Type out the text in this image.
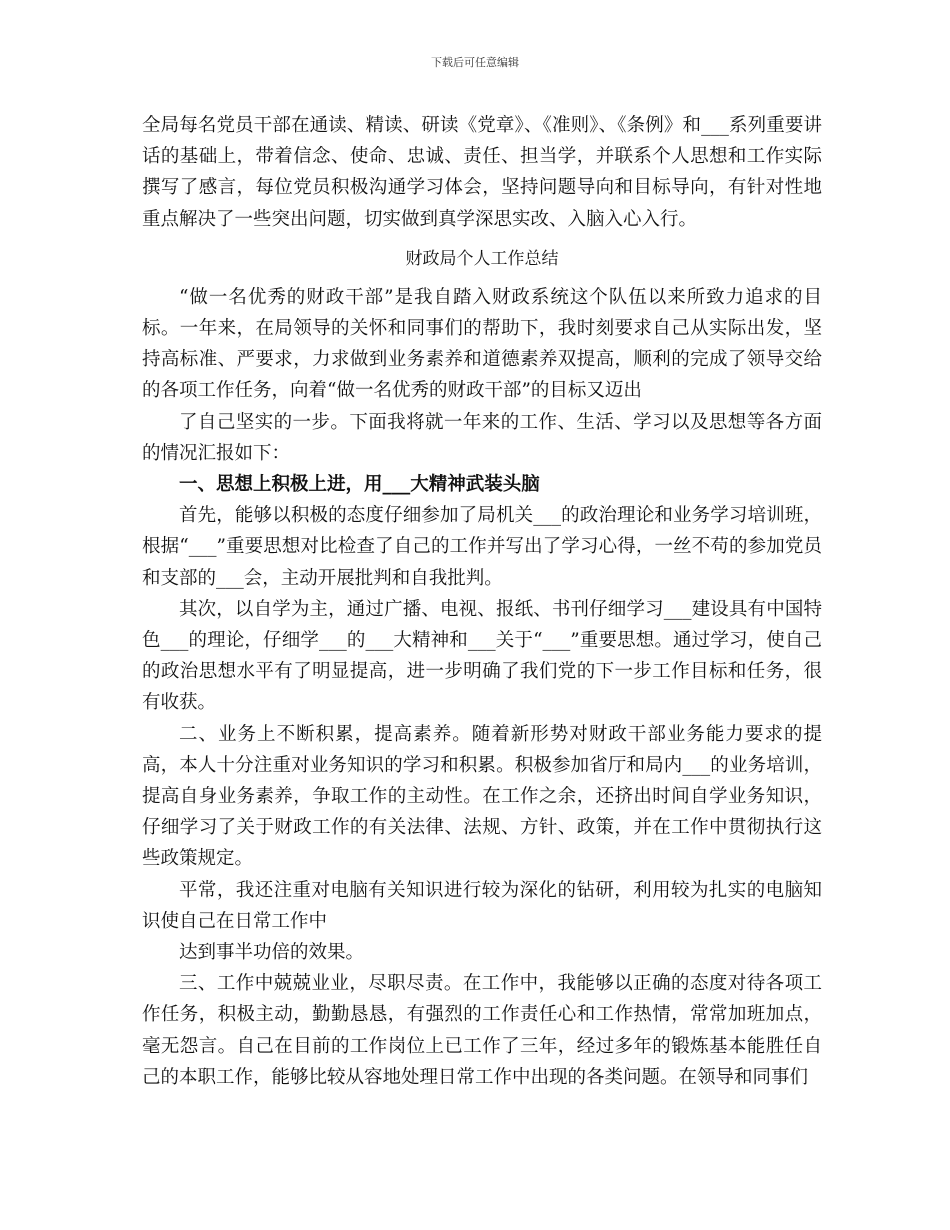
下载后可任意编辑

全局每名党员干部在通读、精读、研读《党章》、《准则》、《条例》和___系列重要讲话的基础上，带着信念、使命、忠诚、责任、担当学，并联系个人思想和工作实际撰写了感言，每位党员积极沟通学习体会，坚持问题导向和目标导向，有针对性地重点解决了一些突出问题，切实做到真学深思实改、入脑入心入行。

财政局个人工作总结

“做一名优秀的财政干部”是我自踏入财政系统这个队伍以来所致力追求的目标。一年来，在局领导的关怀和同事们的帮助下，我时刻要求自己从实际出发，坚持高标准、严要求，力求做到业务素养和道德素养双提高，顺利的完成了领导交给的各项工作任务，向着“做一名优秀的财政干部”的目标又迈出

了自己坚实的一步。下面我将就一年来的工作、生活、学习以及思想等各方面的情况汇报如下：

一、思想上积极上进，用___大精神武装头脑

首先，能够以积极的态度仔细参加了局机关___的政治理论和业务学习培训班，根据“___”重要思想对比检查了自己的工作并写出了学习心得，一丝不苟的参加党员和支部的___会，主动开展批判和自我批判。

其次，以自学为主，通过广播、电视、报纸、书刊仔细学习___建设具有中国特色___的理论，仔细学___的___大精神和___关于“___”重要思想。通过学习，使自己的政治思想水平有了明显提高，进一步明确了我们党的下一步工作目标和任务，很有收获。

二、业务上不断积累，提高素养。随着新形势对财政干部业务能力要求的提高，本人十分注重对业务知识的学习和积累。积极参加省厅和局内___的业务培训，提高自身业务素养，争取工作的主动性。在工作之余，还挤出时间自学业务知识，仔细学习了关于财政工作的有关法律、法规、方针、政策，并在工作中贯彻执行这些政策规定。

平常，我还注重对电脑有关知识进行较为深化的钻研，利用较为扎实的电脑知识使自己在日常工作中

达到事半功倍的效果。

三、工作中兢兢业业，尽职尽责。在工作中，我能够以正确的态度对待各项工作任务，积极主动，勤勤恳恳，有强烈的工作责任心和工作热情，常常加班加点，毫无怨言。自己在目前的工作岗位上已工作了三年，经过多年的锻炼基本能胜任自己的本职工作，能够比较从容地处理日常工作中出现的各类问题。在领导和同事们
